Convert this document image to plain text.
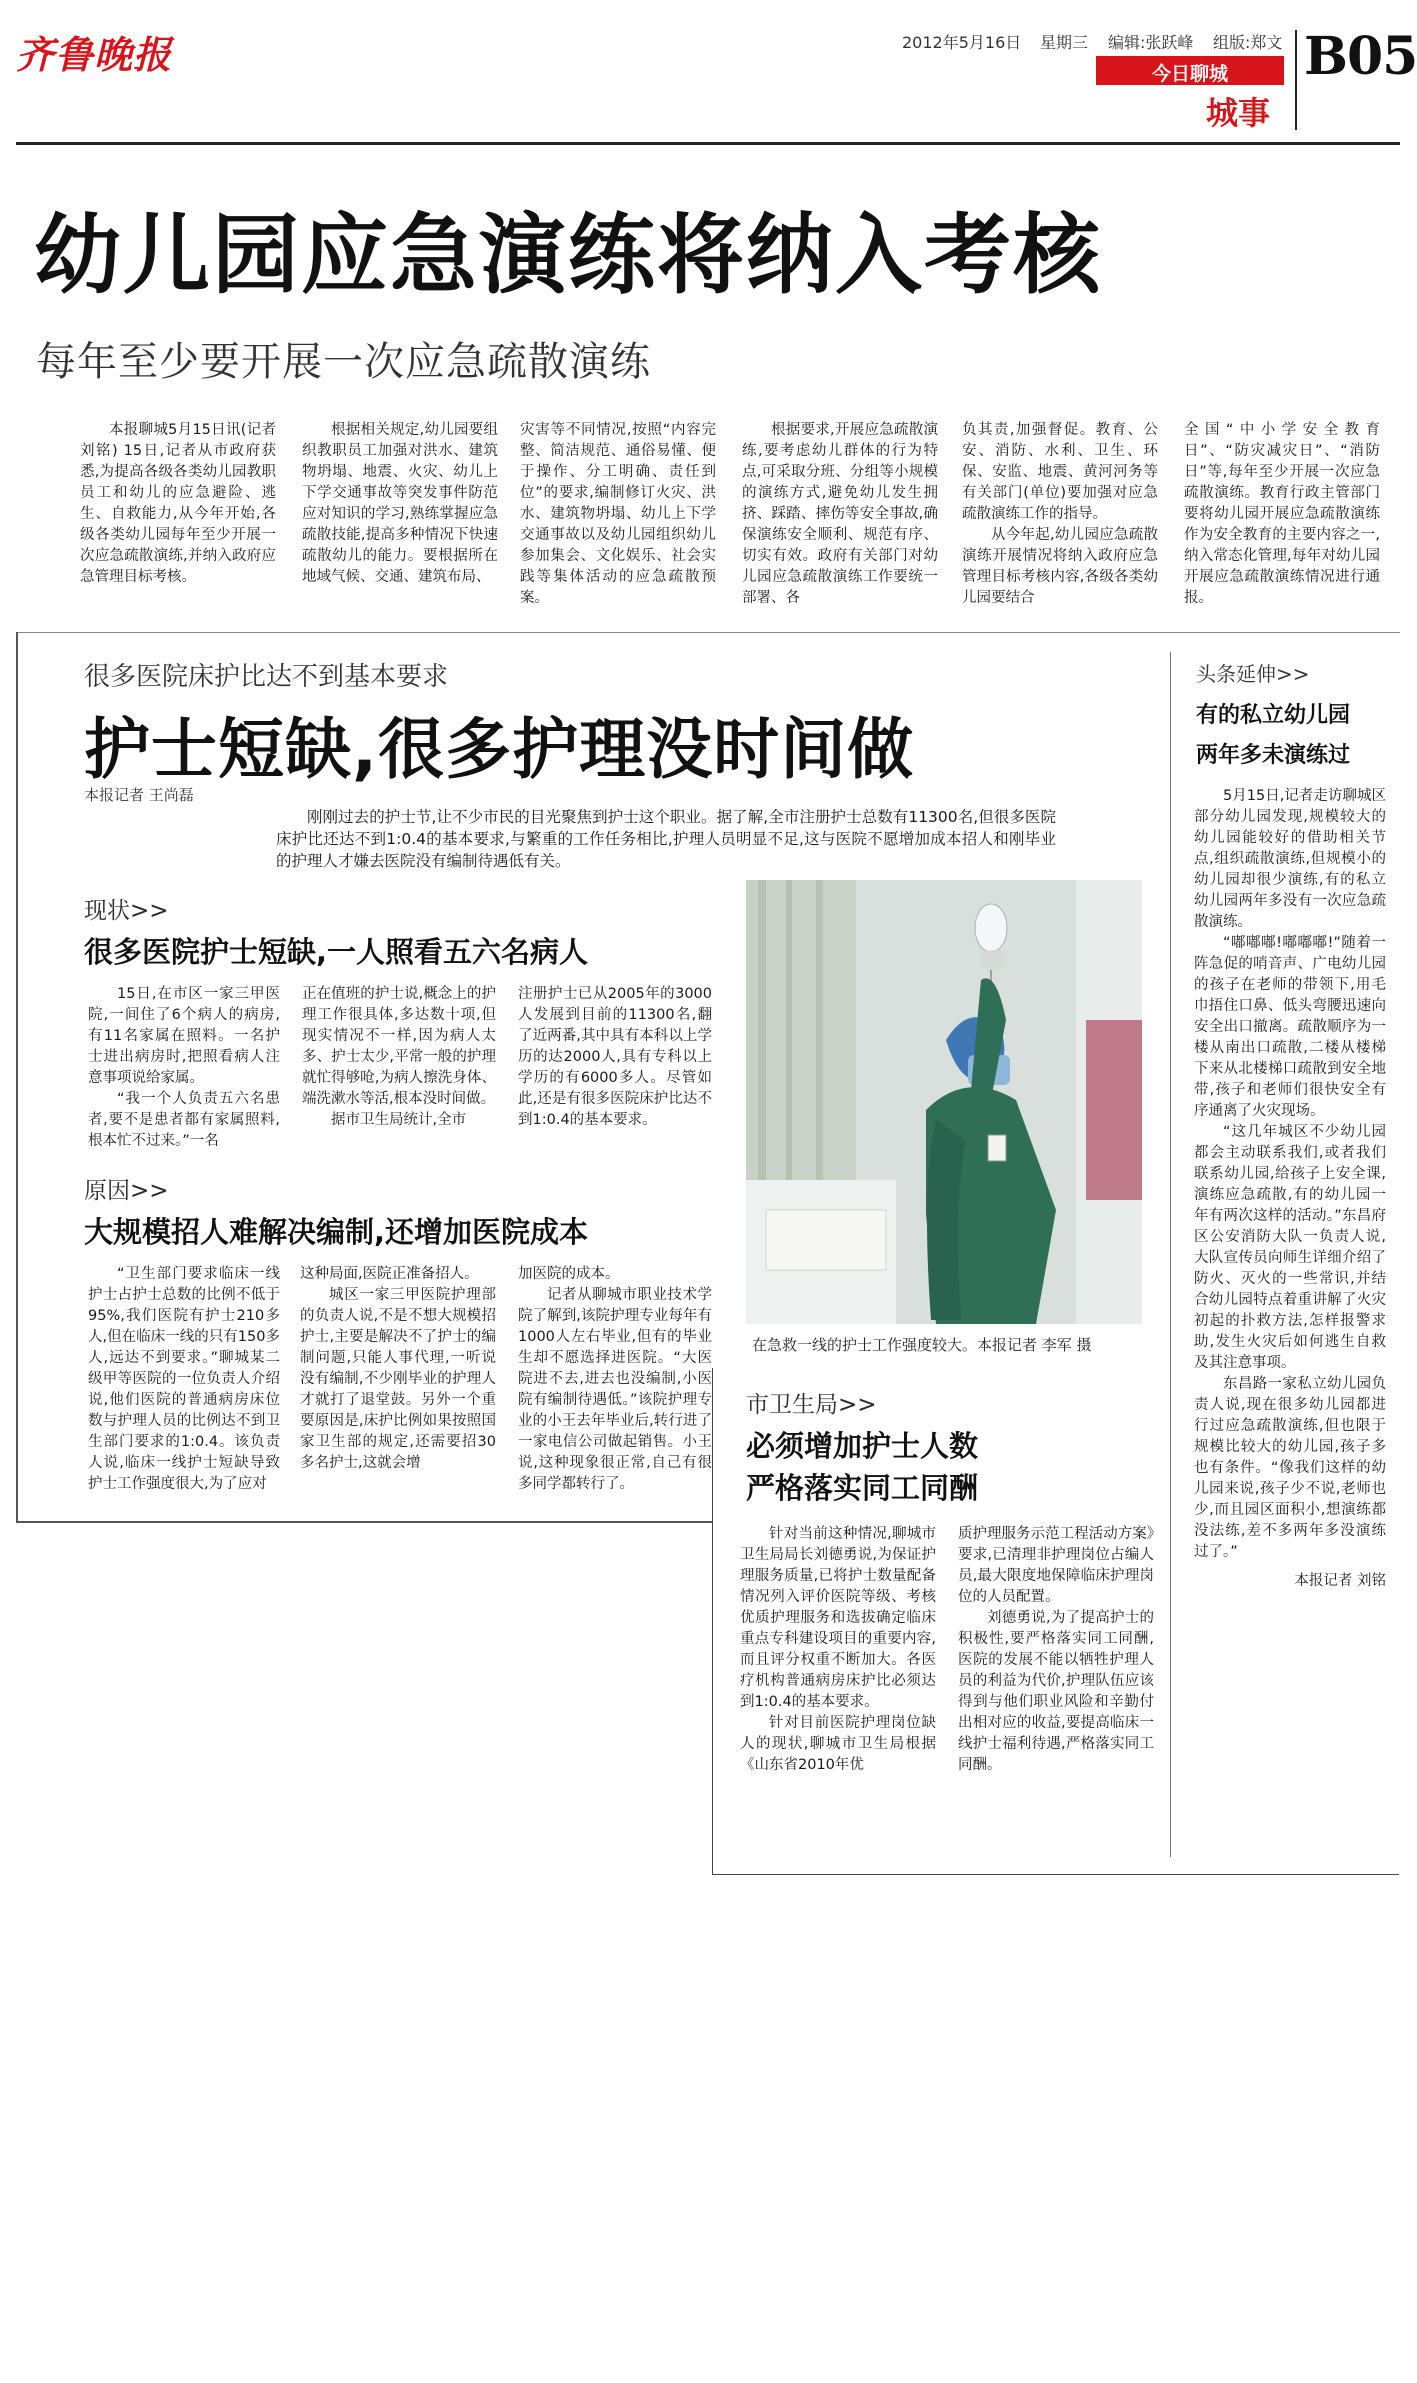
齐鲁晚报	2012年5月16日 星期三 编辑:张跃峰 组版:郑文
今日聊城
城事
B05
幼儿园应急演练将纳入考核
每年至少要开展一次应急疏散演练

本报聊城5月15日讯(记者 刘铭) 15日,记者从市政府获悉,为提高各级各类幼儿园教职员工和幼儿的应急避险、逃生、自救能力,从今年开始,各级各类幼儿园每年至少开展一次应急疏散演练,并纳入政府应急管理目标考核。

根据相关规定,幼儿园要组织教职员工加强对洪水、建筑物坍塌、地震、火灾、幼儿上下学交通事故等突发事件防范应对知识的学习,熟练掌握应急疏散技能,提高多种情况下快速疏散幼儿的能力。要根据所在地域气候、交通、建筑布局、

灾害等不同情况,按照“内容完整、简洁规范、通俗易懂、便于操作、分工明确、责任到位”的要求,编制修订火灾、洪水、建筑物坍塌、幼儿上下学交通事故以及幼儿园组织幼儿参加集会、文化娱乐、社会实践等集体活动的应急疏散预案。

根据要求,开展应急疏散演练,要考虑幼儿群体的行为特点,可采取分班、分组等小规模的演练方式,避免幼儿发生拥挤、踩踏、摔伤等安全事故,确保演练安全顺利、规范有序、切实有效。政府有关部门对幼儿园应急疏散演练工作要统一部署、各

负其责,加强督促。教育、公安、消防、水利、卫生、环保、安监、地震、黄河河务等有关部门(单位)要加强对应急疏散演练工作的指导。

从今年起,幼儿园应急疏散演练开展情况将纳入政府应急管理目标考核内容,各级各类幼儿园要结合

全国“中小学安全教育日”、“防灾减灾日”、“消防日”等,每年至少开展一次应急疏散演练。教育行政主管部门要将幼儿园开展应急疏散演练作为安全教育的主要内容之一,纳入常态化管理,每年对幼儿园开展应急疏散演练情况进行通报。

很多医院床护比达不到基本要求
护士短缺,很多护理没时间做
本报记者 王尚磊

刚刚过去的护士节,让不少市民的目光聚焦到护士这个职业。据了解,全市注册护士总数有11300名,但很多医院床护比还达不到1:0.4的基本要求,与繁重的工作任务相比,护理人员明显不足,这与医院不愿增加成本招人和刚毕业的护理人才嫌去医院没有编制待遇低有关。

现状>>
很多医院护士短缺,一人照看五六名病人

15日,在市区一家三甲医院,一间住了6个病人的病房,有11名家属在照料。一名护士进出病房时,把照看病人注意事项说给家属。

“我一个人负责五六名患者,要不是患者都有家属照料,根本忙不过来。”一名

正在值班的护士说,概念上的护理工作很具体,多达数十项,但现实情况不一样,因为病人太多、护士太少,平常一般的护理就忙得够呛,为病人擦洗身体、端洗漱水等活,根本没时间做。

据市卫生局统计,全市

注册护士已从2005年的3000人发展到目前的11300名,翻了近两番,其中具有本科以上学历的达2000人,具有专科以上学历的有6000多人。尽管如此,还是有很多医院床护比达不到1:0.4的基本要求。

原因>>
大规模招人难解决编制,还增加医院成本

“卫生部门要求临床一线护士占护士总数的比例不低于95%,我们医院有护士210多人,但在临床一线的只有150多人,远达不到要求。”聊城某二级甲等医院的一位负责人介绍说,他们医院的普通病房床位数与护理人员的比例达不到卫生部门要求的1:0.4。该负责人说,临床一线护士短缺导致护士工作强度很大,为了应对

这种局面,医院正准备招人。

城区一家三甲医院护理部的负责人说,不是不想大规模招护士,主要是解决不了护士的编制问题,只能人事代理,一听说没有编制,不少刚毕业的护理人才就打了退堂鼓。另外一个重要原因是,床护比例如果按照国家卫生部的规定,还需要招30多名护士,这就会增

加医院的成本。

记者从聊城市职业技术学院了解到,该院护理专业每年有1000人左右毕业,但有的毕业生却不愿选择进医院。“大医院进不去,进去也没编制,小医院有编制待遇低。”该院护理专业的小王去年毕业后,转行进了一家电信公司做起销售。小王说,这种现象很正常,自己有很多同学都转行了。

在急救一线的护士工作强度较大。本报记者 李军 摄
市卫生局>>
必须增加护士人数
严格落实同工同酬

针对当前这种情况,聊城市卫生局局长刘德勇说,为保证护理服务质量,已将护士数量配备情况列入评价医院等级、考核优质护理服务和选拔确定临床重点专科建设项目的重要内容,而且评分权重不断加大。各医疗机构普通病房床护比必须达到1:0.4的基本要求。

针对目前医院护理岗位缺人的现状,聊城市卫生局根据《山东省2010年优

质护理服务示范工程活动方案》要求,已清理非护理岗位占编人员,最大限度地保障临床护理岗位的人员配置。

刘德勇说,为了提高护士的积极性,要严格落实同工同酬,医院的发展不能以牺牲护理人员的利益为代价,护理队伍应该得到与他们职业风险和辛勤付出相对应的收益,要提高临床一线护士福利待遇,严格落实同工同酬。

头条延伸>>
有的私立幼儿园
两年多未演练过

5月15日,记者走访聊城区部分幼儿园发现,规模较大的幼儿园能较好的借助相关节点,组织疏散演练,但规模小的幼儿园却很少演练,有的私立幼儿园两年多没有一次应急疏散演练。

“嘟嘟嘟!嘟嘟嘟!”随着一阵急促的哨音声、广电幼儿园的孩子在老师的带领下,用毛巾捂住口鼻、低头弯腰迅速向安全出口撤离。疏散顺序为一楼从南出口疏散,二楼从楼梯下来从北楼梯口疏散到安全地带,孩子和老师们很快安全有序通离了火灾现场。

“这几年城区不少幼儿园都会主动联系我们,或者我们联系幼儿园,给孩子上安全课,演练应急疏散,有的幼儿园一年有两次这样的活动。”东昌府区公安消防大队一负责人说,大队宣传员向师生详细介绍了防火、灭火的一些常识,并结合幼儿园特点着重讲解了火灾初起的扑救方法,怎样报警求助,发生火灾后如何逃生自救及其注意事项。

东昌路一家私立幼儿园负责人说,现在很多幼儿园都进行过应急疏散演练,但也限于规模比较大的幼儿园,孩子多也有条件。“像我们这样的幼儿园来说,孩子少不说,老师也少,而且园区面积小,想演练都没法练,差不多两年多没演练过了。”

本报记者 刘铭
